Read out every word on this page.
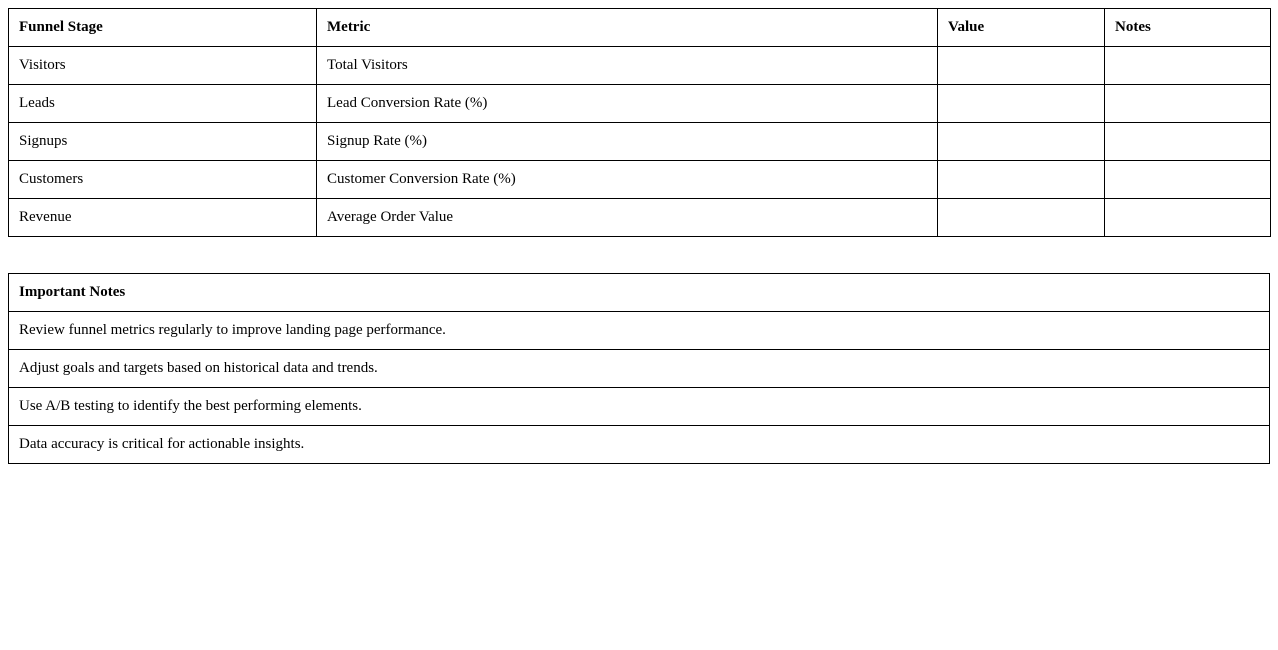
Funnel Stage	Metric	Value	Notes
Visitors	Total Visitors		
Leads	Lead Conversion Rate (%)		
Signups	Signup Rate (%)		
Customers	Customer Conversion Rate (%)		
Revenue	Average Order Value		
Important Notes
Review funnel metrics regularly to improve landing page performance.
Adjust goals and targets based on historical data and trends.
Use A/B testing to identify the best performing elements.
Data accuracy is critical for actionable insights.
